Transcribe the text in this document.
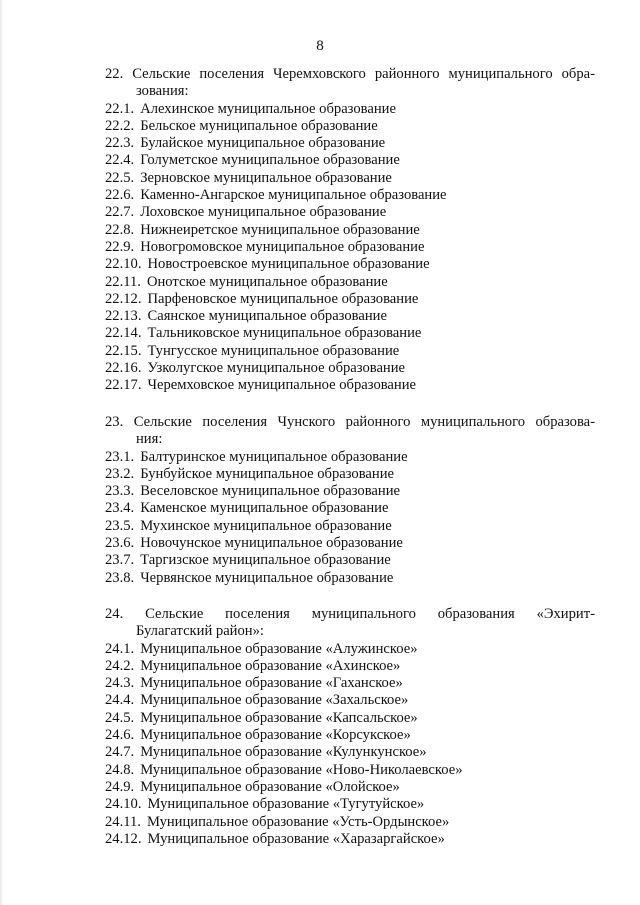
8
22. Сельские поселения Черемховского районного муниципального обра-
зования:
22.1. Алехинское муниципальное образование
22.2. Бельское муниципальное образование
22.3. Булайское муниципальное образование
22.4. Голуметское муниципальное образование
22.5. Зерновское муниципальное образование
22.6. Каменно-Ангарское муниципальное образование
22.7. Лоховское муниципальное образование
22.8. Нижнеиретское муниципальное образование
22.9. Новогромовское муниципальное образование
22.10. Новостроевское муниципальное образование
22.11. Онотское муниципальное образование
22.12. Парфеновское муниципальное образование
22.13. Саянское муниципальное образование
22.14. Тальниковское муниципальное образование
22.15. Тунгусское муниципальное образование
22.16. Узколугское муниципальное образование
22.17. Черемховское муниципальное образование
23. Сельские поселения Чунского районного муниципального образова-
ния:
23.1. Балтуринское муниципальное образование
23.2. Бунбуйское муниципальное образование
23.3. Веселовское муниципальное образование
23.4. Каменское муниципальное образование
23.5. Мухинское муниципальное образование
23.6. Новочунское муниципальное образование
23.7. Таргизское муниципальное образование
23.8. Червянское муниципальное образование
24. Сельские поселения муниципального образования «Эхирит-
Булагатский район»:
24.1. Муниципальное образование «Алужинское»
24.2. Муниципальное образование «Ахинское»
24.3. Муниципальное образование «Гаханское»
24.4. Муниципальное образование «Захальское»
24.5. Муниципальное образование «Капсальское»
24.6. Муниципальное образование «Корсукское»
24.7. Муниципальное образование «Кулункунское»
24.8. Муниципальное образование «Ново-Николаевское»
24.9. Муниципальное образование «Олойское»
24.10. Муниципальное образование «Тугутуйское»
24.11. Муниципальное образование «Усть-Ордынское»
24.12. Муниципальное образование «Харазаргайское»
